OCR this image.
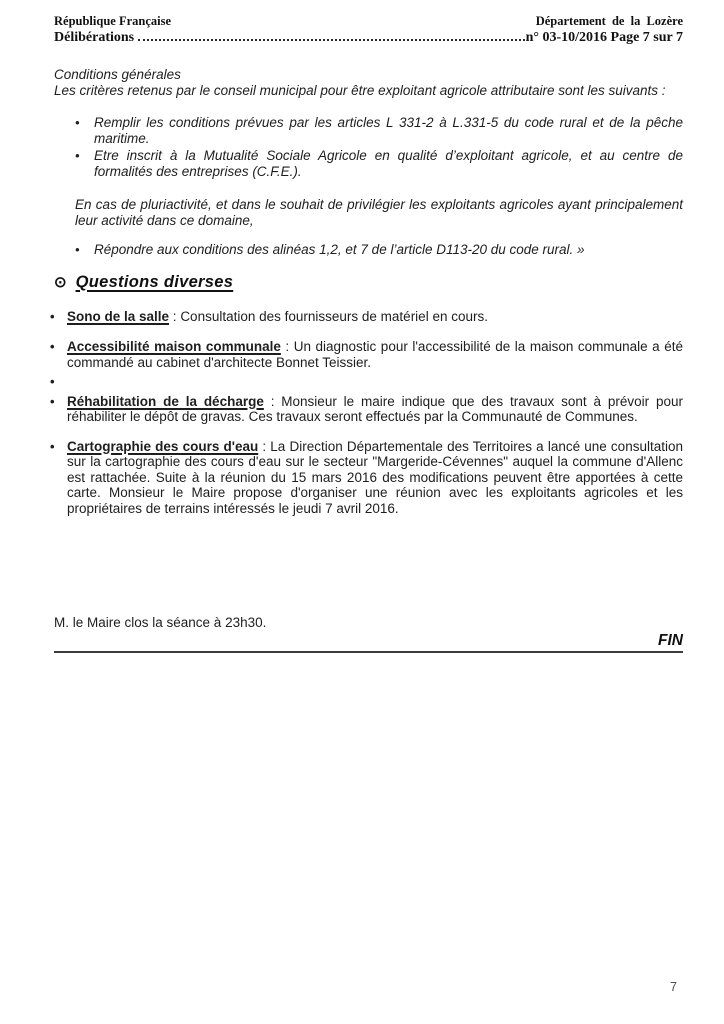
République Française	Département de la Lozère
Délibérations	n° 03-10/2016 Page 7 sur 7
Conditions générales
Les critères retenus par le conseil municipal pour être exploitant agricole attributaire sont les suivants :
•	Remplir les conditions prévues par les articles L 331-2 à L.331-5 du code rural et de la pêche maritime.
•	Etre inscrit à la Mutualité Sociale Agricole en qualité d’exploitant agricole, et au centre de formalités des entreprises (C.F.E.).
En cas de pluriactivité, et dans le souhait de privilégier les exploitants agricoles ayant principalement leur activité dans ce domaine,
•	Répondre aux conditions des alinéas 1,2, et 7 de l’article D113-20 du code rural. »
⊙ Questions diverses
• Sono de la salle : Consultation des fournisseurs de matériel en cours.
• Accessibilité maison communale : Un diagnostic pour l'accessibilité de la maison communale a été commandé au cabinet d'architecte Bonnet Teissier.
•
• Réhabilitation de la décharge : Monsieur le maire indique que des travaux sont à prévoir pour réhabiliter le dépôt de gravas. Ces travaux seront effectués par la Communauté de Communes.
• Cartographie des cours d'eau : La Direction Départementale des Territoires a lancé une consultation sur la cartographie des cours d'eau sur le secteur "Margeride-Cévennes" auquel la commune d'Allenc est rattachée. Suite à la réunion du 15 mars 2016 des modifications peuvent être apportées à cette carte. Monsieur le Maire propose d'organiser une réunion avec les exploitants agricoles et les propriétaires de terrains intéressés le jeudi 7 avril 2016.
M. le Maire clos la séance à 23h30.
FIN
7
